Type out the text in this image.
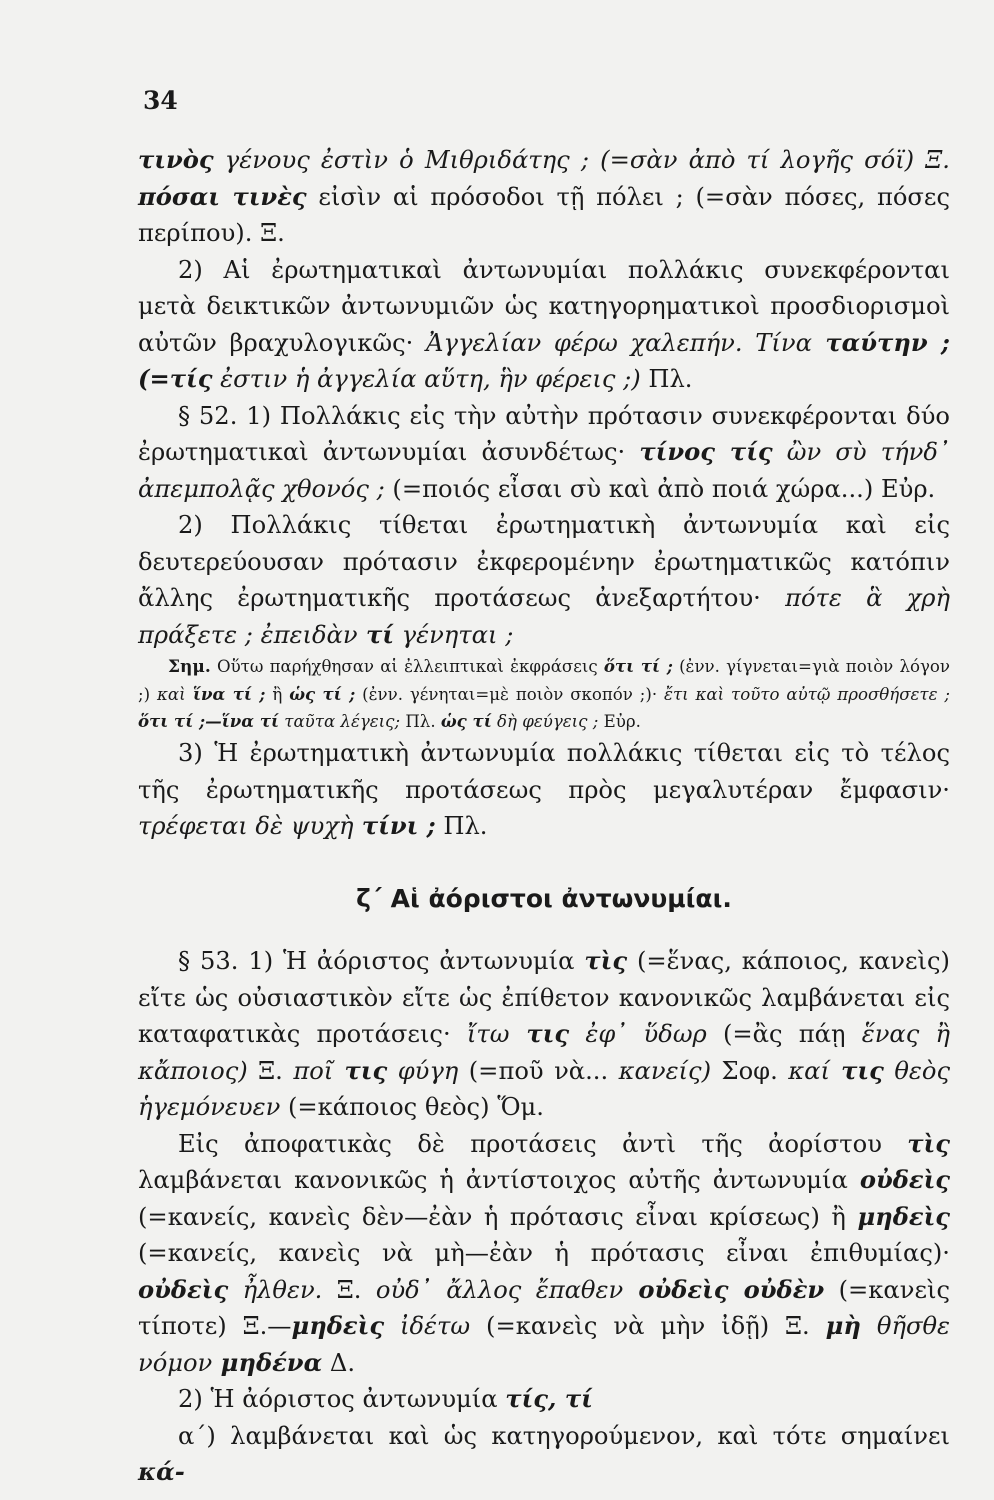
34

τινὸς γένους ἐστὶν ὁ Μιθριδάτης ; (=σὰν ἀπὸ τί λογῆς σόϊ) Ξ. πόσαι τινὲς εἰσὶν αἱ πρόσοδοι τῇ πόλει ; (=σὰν πόσες, πόσες περίπου). Ξ.

2) Αἱ ἐρωτηματικαὶ ἀντωνυμίαι πολλάκις συνεκφέρονται μετὰ δεικτικῶν ἀντωνυμιῶν ὡς κατηγορηματικοὶ προσδιορισμοὶ αὐτῶν βραχυλογικῶς· Ἀγγελίαν φέρω χαλεπήν. Τίνα ταύτην ; (=τίς ἐστιν ἡ ἀγγελία αὕτη, ἣν φέρεις ;) Πλ.

§ 52. 1) Πολλάκις εἰς τὴν αὐτὴν πρότασιν συνεκφέρονται δύο ἐρωτηματικαὶ ἀντωνυμίαι ἀσυνδέτως· τίνος τίς ὢν σὺ τήνδ᾽ ἀπεμπολᾷς χθονός ; (=ποιός εἶσαι σὺ καὶ ἀπὸ ποιά χώρα...) Εὐρ.

2) Πολλάκις τίθεται ἐρωτηματικὴ ἀντωνυμία καὶ εἰς δευτερεύουσαν πρότασιν ἐκφερομένην ἐρωτηματικῶς κατόπιν ἄλλης ἐρωτηματικῆς προτάσεως ἀνεξαρτήτου· πότε ἃ χρὴ πράξετε ; ἐπειδὰν τί γένηται ;

Σημ. Οὕτω παρήχθησαν αἱ ἐλλειπτικαὶ ἐκφράσεις ὅτι τί ; (ἐνν. γίγνεται=γιὰ ποιὸν λόγον ;) καὶ ἵνα τί ; ἢ ὡς τί ; (ἐνν. γένηται=μὲ ποιὸν σκοπόν ;)· ἔτι καὶ τοῦτο αὐτῷ προσθήσετε ; ὅτι τί ;—ἵνα τί ταῦτα λέγεις; Πλ. ὡς τί δὴ φεύγεις ; Εὐρ.

3) Ἡ ἐρωτηματικὴ ἀντωνυμία πολλάκις τίθεται εἰς τὸ τέλος τῆς ἐρωτηματικῆς προτάσεως πρὸς μεγαλυτέραν ἔμφασιν· τρέφεται δὲ ψυχὴ τίνι ; Πλ.

ζ΄ Αἱ ἀόριστοι ἀντωνυμίαι.

§ 53. 1) Ἡ ἀόριστος ἀντωνυμία τὶς (=ἕνας, κάποιος, κανεὶς) εἴτε ὡς οὐσιαστικὸν εἴτε ὡς ἐπίθετον κανονικῶς λαμβάνεται εἰς καταφατικὰς προτάσεις· ἴτω τις ἐφ᾽ ὕδωρ (=ἂς πάῃ ἕνας ἢ κἄποιος) Ξ. ποῖ τις φύγη (=ποῦ νὰ... κανείς) Σοφ. καί τις θεὸς ἡγεμόνευεν (=κάποιος θεὸς) Ὅμ.

Εἰς ἀποφατικὰς δὲ προτάσεις ἀντὶ τῆς ἀορίστου τὶς λαμβάνεται κανονικῶς ἡ ἀντίστοιχος αὐτῆς ἀντωνυμία οὐδεὶς (=κανείς, κανεὶς δὲν—ἐὰν ἡ πρότασις εἶναι κρίσεως) ἢ μηδεὶς (=κανείς, κανεὶς νὰ μὴ—ἐὰν ἡ πρότασις εἶναι ἐπιθυμίας)· οὐδεὶς ἦλθεν. Ξ. οὐδ᾽ ἄλλος ἔπαθεν οὐδεὶς οὐδὲν (=κανεὶς τίποτε) Ξ.—μηδεὶς ἰδέτω (=κανεὶς νὰ μὴν ἰδῇ) Ξ. μὴ θῆσθε νόμον μηδένα Δ.

2) Ἡ ἀόριστος ἀντωνυμία τίς, τί

α΄) λαμβάνεται καὶ ὡς κατηγορούμενον, καὶ τότε σημαίνει κά-
